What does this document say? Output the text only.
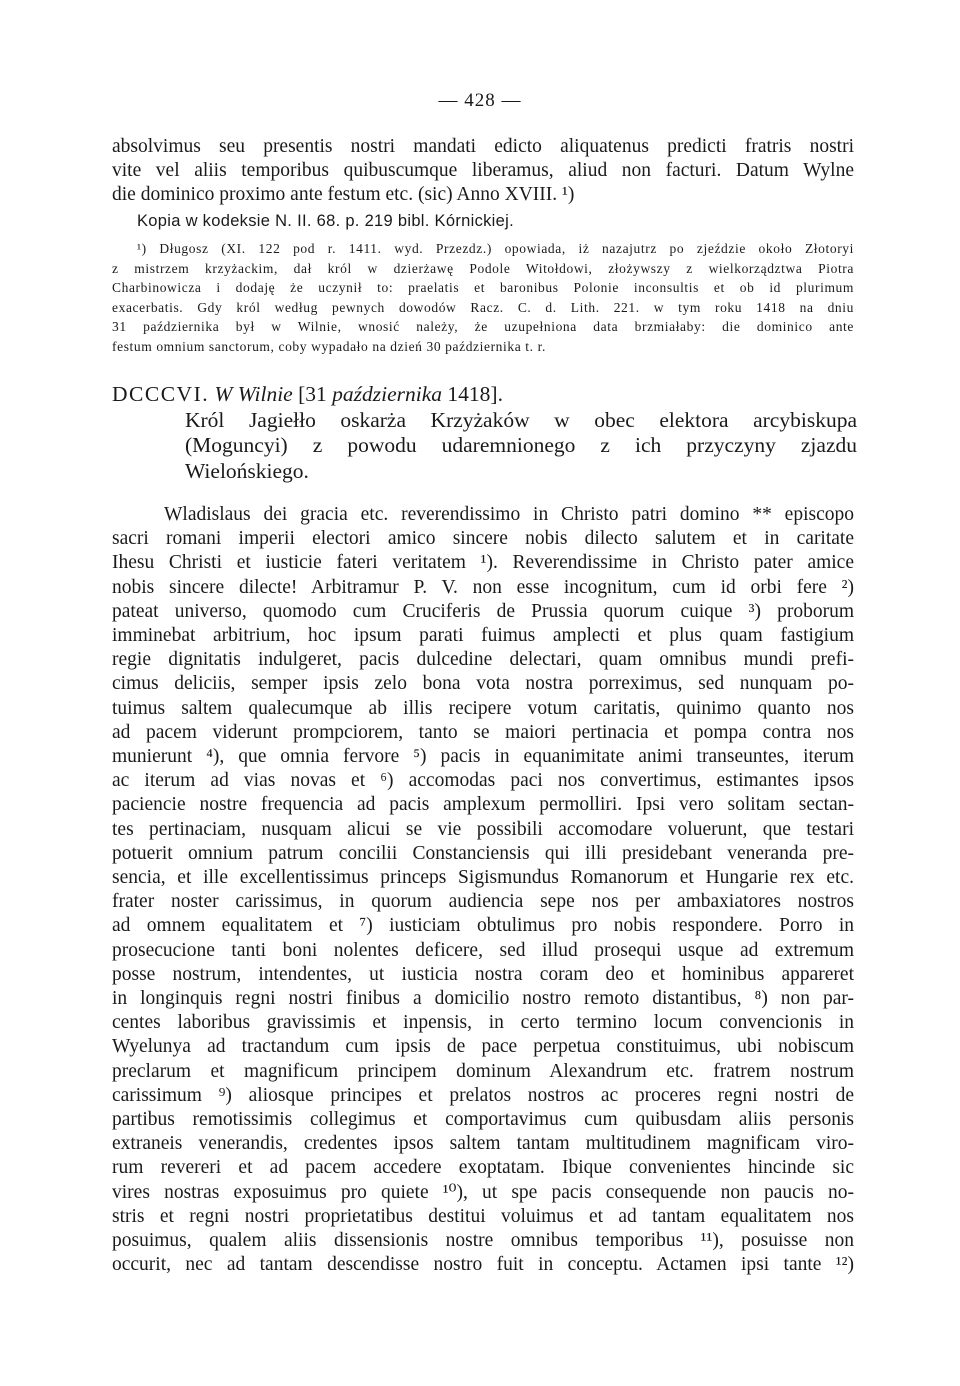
— 428 —
absolvimus seu presentis nostri mandati edicto aliquatenus predicti fratris nostri
vite vel aliis temporibus quibuscumque liberamus, aliud non facturi. Datum Wylne
die dominico proximo ante festum etc. (sic) Anno XVIII. ¹)
Kopia w kodeksie N. II. 68. p. 219 bibl. Kórnickiej.
¹) Długosz (XI. 122 pod r. 1411. wyd. Przezdz.) opowiada, iż nazajutrz po zjeździe około Złotoryi
z mistrzem krzyżackim, dał król w dzierżawę Podole Witołdowi, złożywszy z wielkorządztwa Piotra
Charbinowicza i dodaję że uczynił to: praelatis et baronibus Polonie inconsultis et ob id plurimum
exacerbatis. Gdy król według pewnych dowodów Racz. C. d. Lith. 221. w tym roku 1418 na dniu
31 października był w Wilnie, wnosić należy, że uzupełniona data brzmiałaby: die dominico ante
festum omnium sanctorum, coby wypadało na dzień 30 października t. r.
DCCCVI. W Wilnie [31 października 1418].
Król Jagiełło oskarża Krzyżaków w obec elektora arcybiskupa
(Moguncyi) z powodu udaremnionego z ich przyczyny zjazdu
Wielońskiego.
Wladislaus dei gracia etc. reverendissimo in Christo patri domino ** episcopo
sacri romani imperii electori amico sincere nobis dilecto salutem et in caritate
Ihesu Christi et iusticie fateri veritatem ¹). Reverendissime in Christo pater amice
nobis sincere dilecte! Arbitramur P. V. non esse incognitum, cum id orbi fere ²)
pateat universo, quomodo cum Cruciferis de Prussia quorum cuique ³) proborum
imminebat arbitrium, hoc ipsum parati fuimus amplecti et plus quam fastigium
regie dignitatis indulgeret, pacis dulcedine delectari, quam omnibus mundi prefi-
cimus deliciis, semper ipsis zelo bona vota nostra porreximus, sed nunquam po-
tuimus saltem qualecumque ab illis recipere votum caritatis, quinimo quanto nos
ad pacem viderunt prompciorem, tanto se maiori pertinacia et pompa contra nos
munierunt ⁴), que omnia fervore ⁵) pacis in equanimitate animi transeuntes, iterum
ac iterum ad vias novas et ⁶) accomodas paci nos convertimus, estimantes ipsos
paciencie nostre frequencia ad pacis amplexum permolliri. Ipsi vero solitam sectan-
tes pertinaciam, nusquam alicui se vie possibili accomodare voluerunt, que testari
potuerit omnium patrum concilii Constanciensis qui illi presidebant veneranda pre-
sencia, et ille excellentissimus princeps Sigismundus Romanorum et Hungarie rex etc.
frater noster carissimus, in quorum audiencia sepe nos per ambaxiatores nostros
ad omnem equalitatem et ⁷) iusticiam obtulimus pro nobis respondere. Porro in
prosecucione tanti boni nolentes deficere, sed illud prosequi usque ad extremum
posse nostrum, intendentes, ut iusticia nostra coram deo et hominibus appareret
in longinquis regni nostri finibus a domicilio nostro remoto distantibus, ⁸) non par-
centes laboribus gravissimis et inpensis, in certo termino locum convencionis in
Wyelunya ad tractandum cum ipsis de pace perpetua constituimus, ubi nobiscum
preclarum et magnificum principem dominum Alexandrum etc. fratrem nostrum
carissimum ⁹) aliosque principes et prelatos nostros ac proceres regni nostri de
partibus remotissimis collegimus et comportavimus cum quibusdam aliis personis
extraneis venerandis, credentes ipsos saltem tantam multitudinem magnificam viro-
rum revereri et ad pacem accedere exoptatam. Ibique convenientes hincinde sic
vires nostras exposuimus pro quiete ¹⁰), ut spe pacis consequende non paucis no-
stris et regni nostri proprietatibus destitui voluimus et ad tantam equalitatem nos
posuimus, qualem aliis dissensionis nostre omnibus temporibus ¹¹), posuisse non
occurit, nec ad tantam descendisse nostro fuit in conceptu. Actamen ipsi tante ¹²)
